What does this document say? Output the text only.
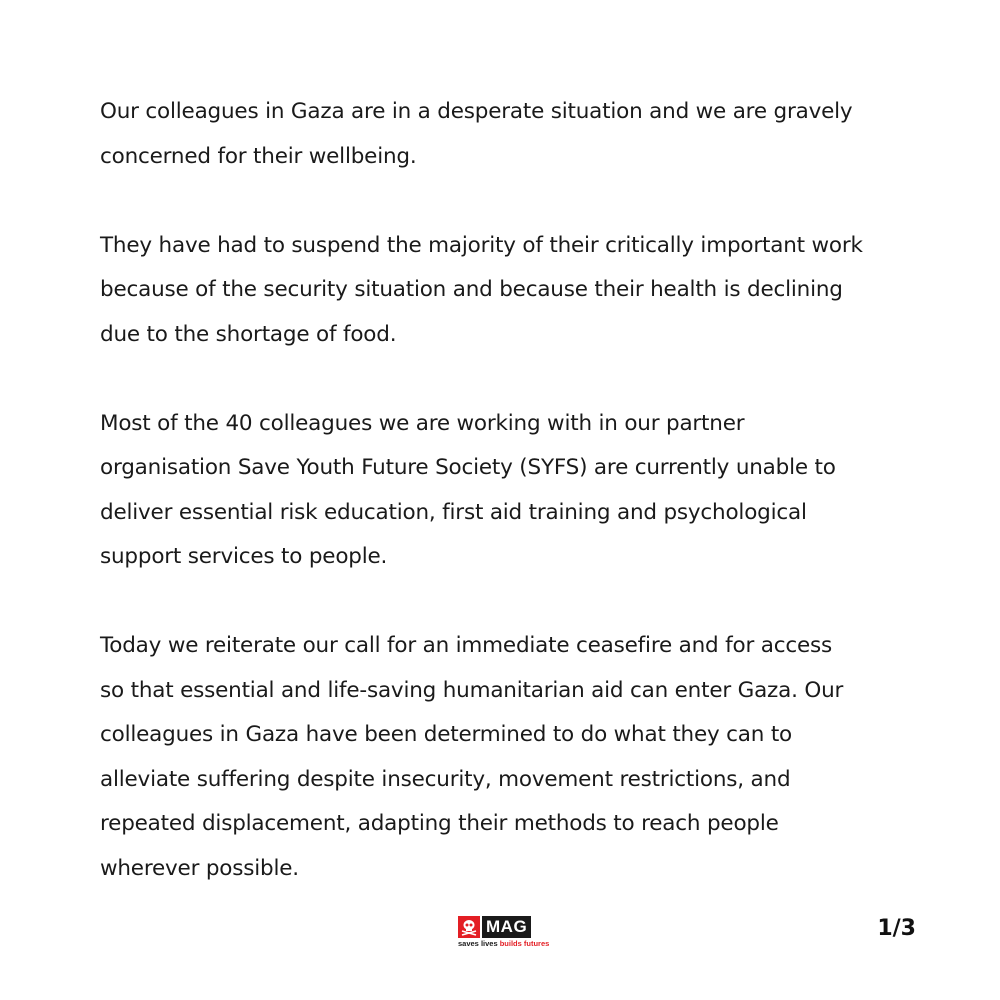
Our colleagues in Gaza are in a desperate situation and we are gravely
concerned for their wellbeing.
They have had to suspend the majority of their critically important work
because of the security situation and because their health is declining
due to the shortage of food.
Most of the 40 colleagues we are working with in our partner
organisation Save Youth Future Society (SYFS) are currently unable to
deliver essential risk education, first aid training and psychological
support services to people.
Today we reiterate our call for an immediate ceasefire and for access
so that essential and life-saving humanitarian aid can enter Gaza. Our
colleagues in Gaza have been determined to do what they can to
alleviate suffering despite insecurity, movement restrictions, and
repeated displacement, adapting their methods to reach people
wherever possible.
MAG
saves lives builds futures
1/3
